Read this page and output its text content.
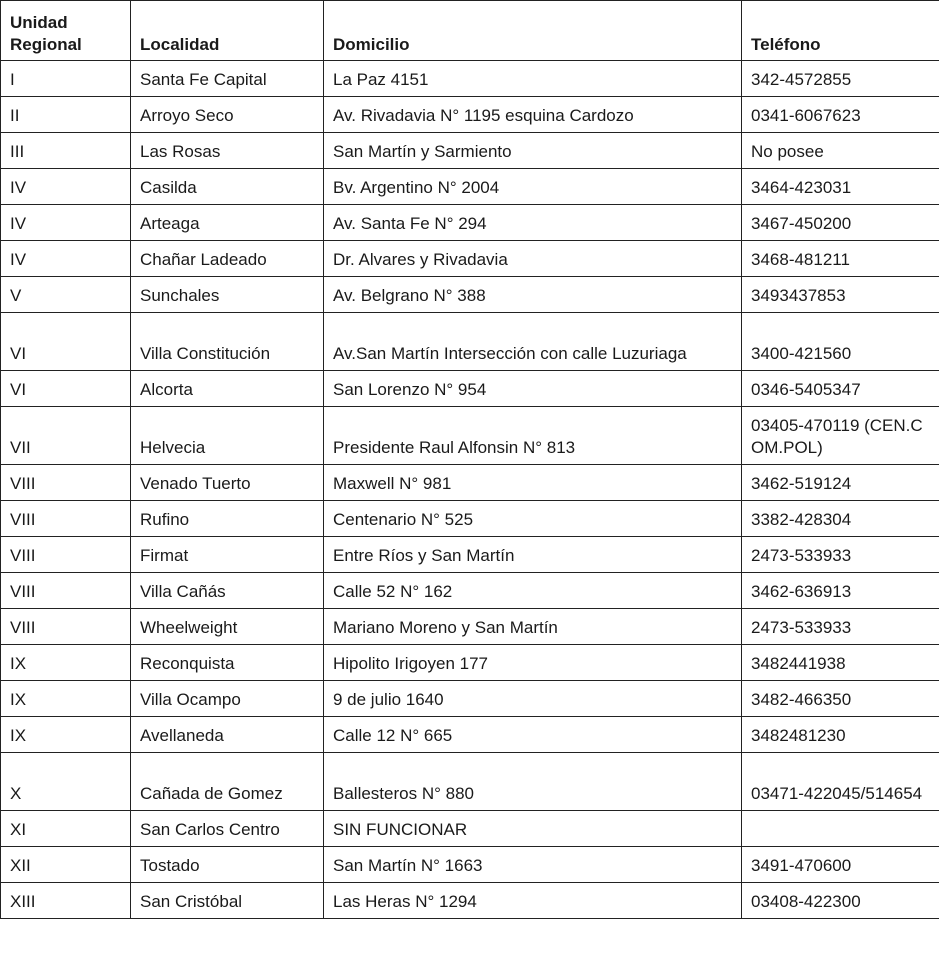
Unidad Regional	Localidad	Domicilio	Teléfono
I	Santa Fe Capital	La Paz 4151	342-4572855
II	Arroyo Seco	Av. Rivadavia N° 1195 esquina Cardozo	0341-6067623
III	Las Rosas	San Martín y Sarmiento	No posee
IV	Casilda	Bv. Argentino N° 2004	3464-423031
IV	Arteaga	Av. Santa Fe N° 294	3467-450200
IV	Chañar Ladeado	Dr. Alvares y Rivadavia	3468-481211
V	Sunchales	Av. Belgrano N° 388	3493437853
VI	Villa Constitución	Av.San Martín Intersección con calle Luzuriaga	3400-421560
VI	Alcorta	San Lorenzo N° 954	0346-5405347
VII	Helvecia	Presidente Raul Alfonsin N° 813	03405-470119 (CEN.COM.POL)
VIII	Venado Tuerto	Maxwell N° 981	3462-519124
VIII	Rufino	Centenario N° 525	3382-428304
VIII	Firmat	Entre Ríos y San Martín	2473-533933
VIII	Villa Cañás	Calle 52 N° 162	3462-636913
VIII	Wheelweight	Mariano Moreno y San Martín	2473-533933
IX	Reconquista	Hipolito Irigoyen 177	3482441938
IX	Villa Ocampo	9 de julio 1640	3482-466350
IX	Avellaneda	Calle 12 N° 665	3482481230
X	Cañada de Gomez	Ballesteros N° 880	03471-422045/514654
XI	San Carlos Centro	SIN FUNCIONAR	
XII	Tostado	San Martín N° 1663	3491-470600
XIII	San Cristóbal	Las Heras N° 1294	03408-422300
